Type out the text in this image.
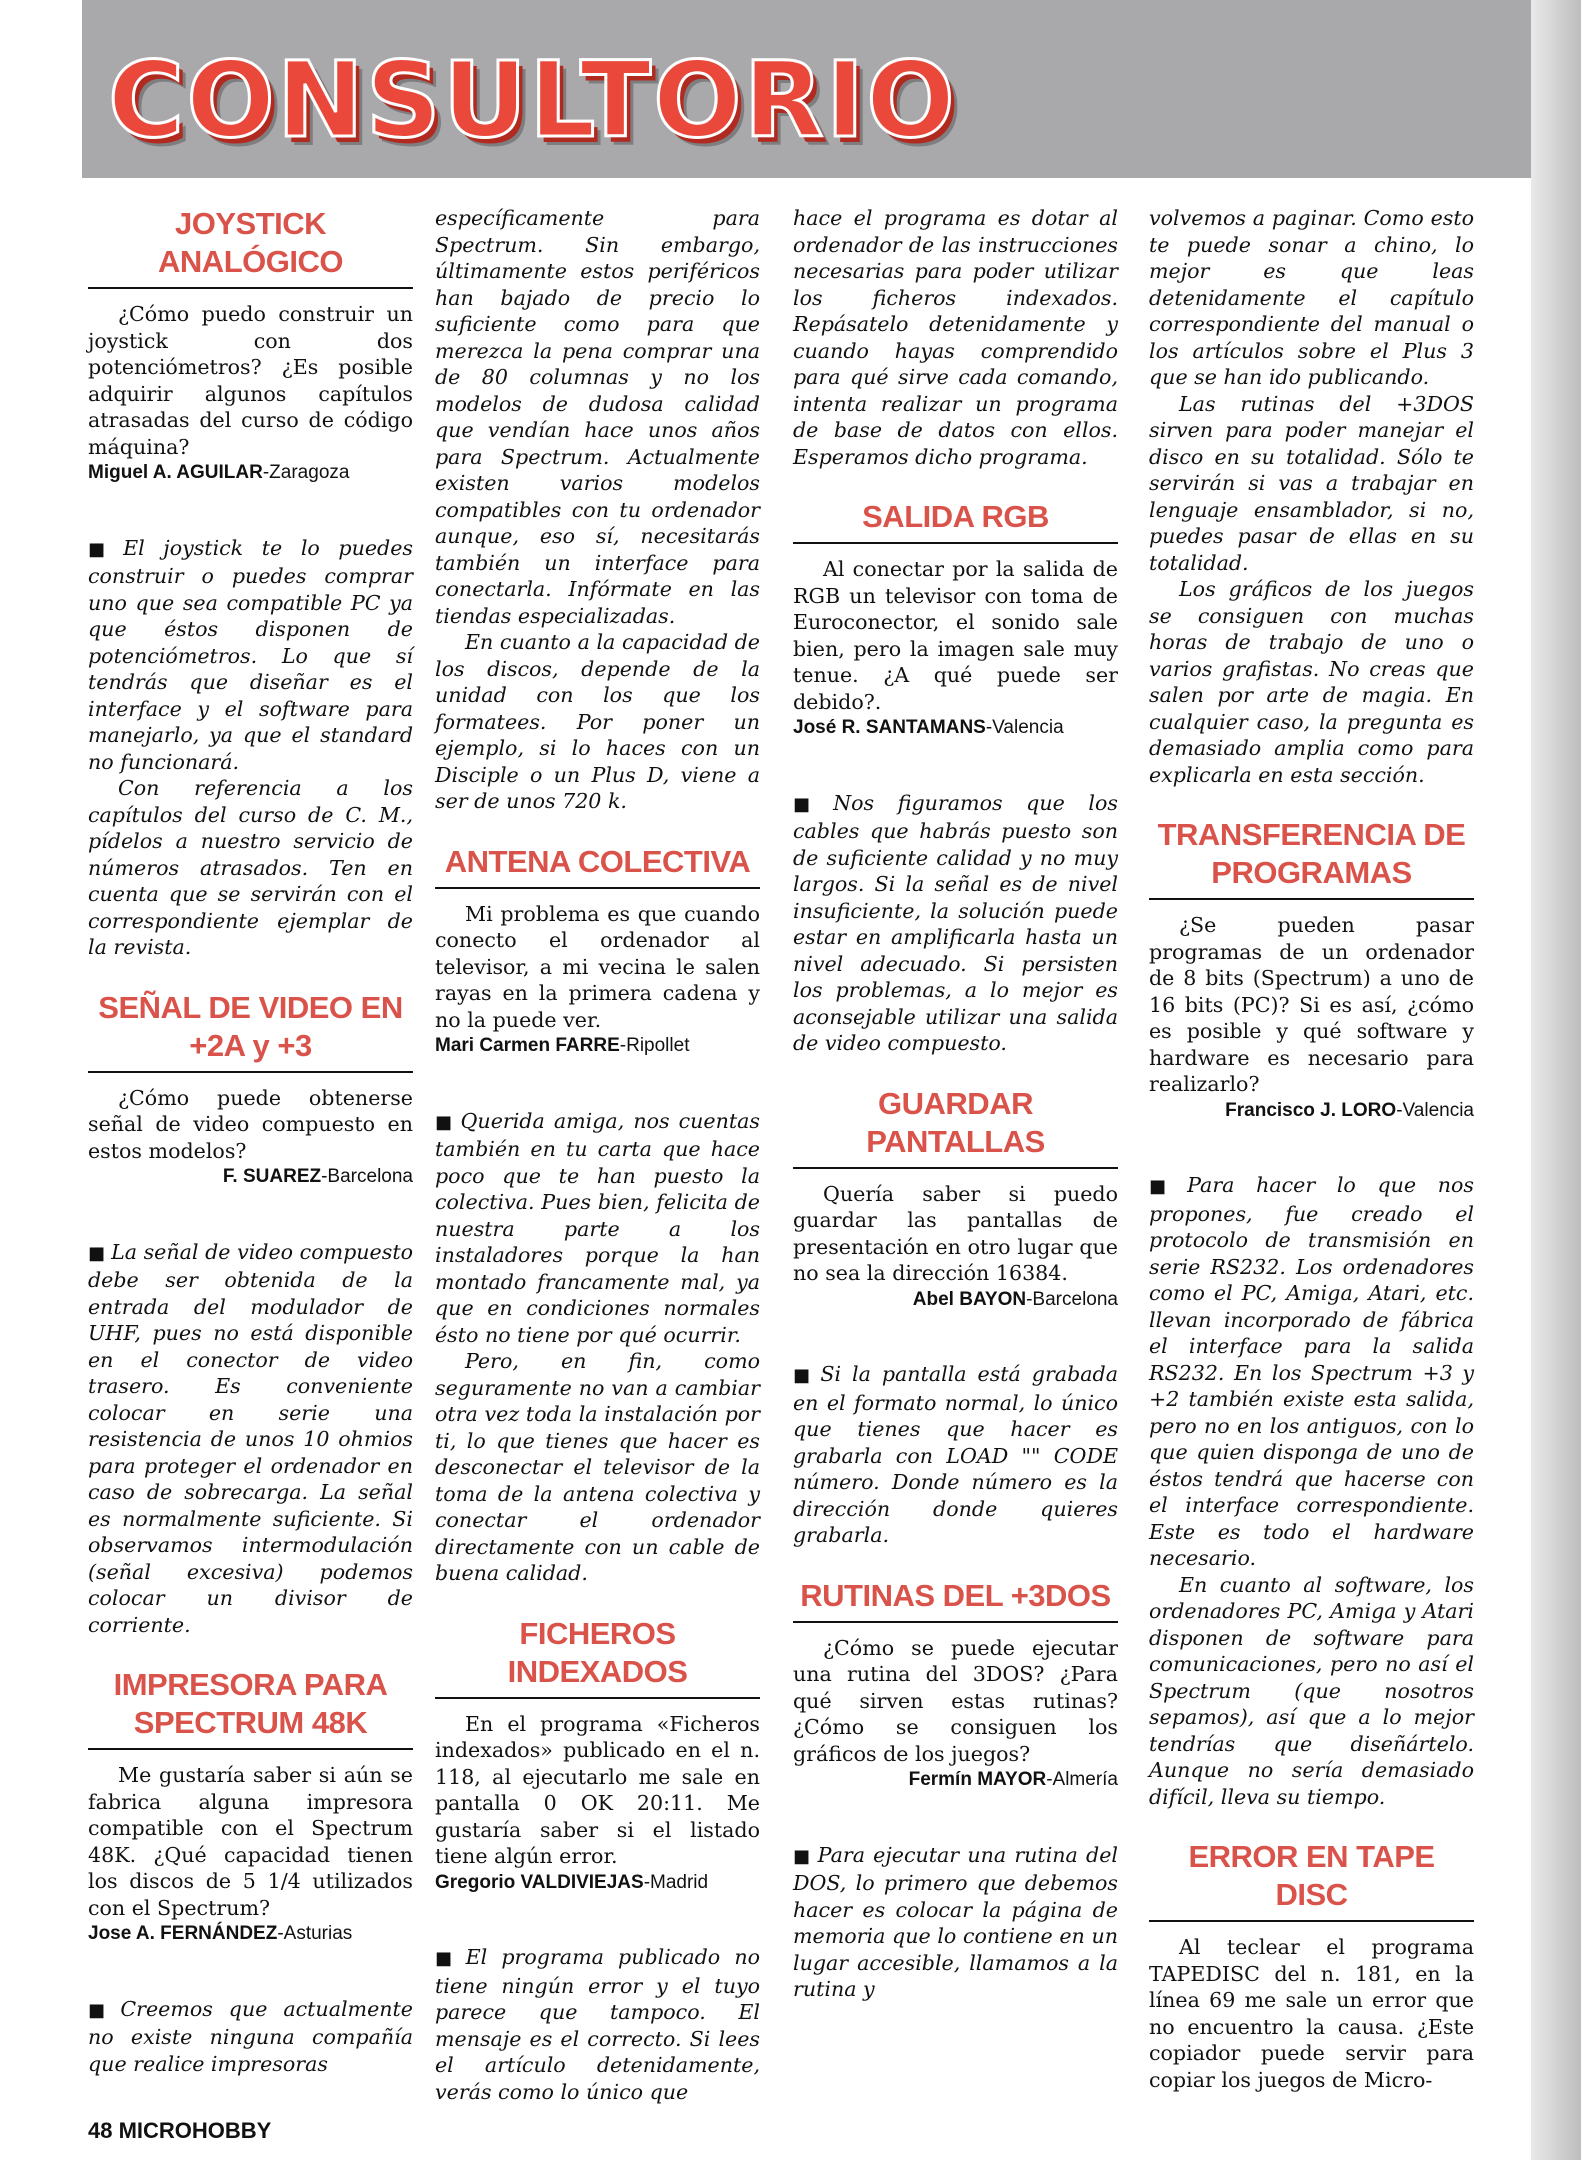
CONSULTORIO
JOYSTICK ANALÓGICO

¿Cómo puedo construir un joystick con dos potenciómetros? ¿Es posible adquirir algunos capítulos atrasadas del curso de código máquina?

Miguel A. AGUILAR-Zaragoza

■ El joystick te lo puedes construir o puedes comprar uno que sea compatible PC ya que éstos disponen de potenciómetros. Lo que sí tendrás que diseñar es el interface y el software para manejarlo, ya que el standard no funcionará.

Con referencia a los capítulos del curso de C. M., pídelos a nuestro servicio de números atrasados. Ten en cuenta que se servirán con el correspondiente ejemplar de la revista.

SEÑAL DE VIDEO EN +2A y +3

¿Cómo puede obtenerse señal de video compuesto en estos modelos?

F. SUAREZ-Barcelona

■ La señal de video compuesto debe ser obtenida de la entrada del modulador de UHF, pues no está disponible en el conector de video trasero. Es conveniente colocar en serie una resistencia de unos 10 ohmios para proteger el ordenador en caso de sobrecarga. La señal es normalmente suficiente. Si observamos intermodulación (señal excesiva) podemos colocar un divisor de corriente.

IMPRESORA PARA SPECTRUM 48K

Me gustaría saber si aún se fabrica alguna impresora compatible con el Spectrum 48K. ¿Qué capacidad tienen los discos de 5 1/4 utilizados con el Spectrum?

Jose A. FERNÁNDEZ-Asturias

■ Creemos que actualmente no existe ninguna compañía que realice impresoras

específicamente para Spectrum. Sin embargo, últimamente estos periféricos han bajado de precio lo suficiente como para que merezca la pena comprar una de 80 columnas y no los modelos de dudosa calidad que vendían hace unos años para Spectrum. Actualmente existen varios modelos compatibles con tu ordenador aunque, eso sí, necesitarás también un interface para conectarla. Infórmate en las tiendas especializadas.

En cuanto a la capacidad de los discos, depende de la unidad con los que los formatees. Por poner un ejemplo, si lo haces con un Disciple o un Plus D, viene a ser de unos 720 k.

ANTENA COLECTIVA

Mi problema es que cuando conecto el ordenador al televisor, a mi vecina le salen rayas en la primera cadena y no la puede ver.

Mari Carmen FARRE-Ripollet

■ Querida amiga, nos cuentas también en tu carta que hace poco que te han puesto la colectiva. Pues bien, felicita de nuestra parte a los instaladores porque la han montado francamente mal, ya que en condiciones normales ésto no tiene por qué ocurrir.

Pero, en fin, como seguramente no van a cambiar otra vez toda la instalación por ti, lo que tienes que hacer es desconectar el televisor de la toma de la antena colectiva y conectar el ordenador directamente con un cable de buena calidad.

FICHEROS INDEXADOS

En el programa «Ficheros indexados» publicado en el n. 118, al ejecutarlo me sale en pantalla 0 OK 20:11. Me gustaría saber si el listado tiene algún error.

Gregorio VALDIVIEJAS-Madrid

■ El programa publicado no tiene ningún error y el tuyo parece que tampoco. El mensaje es el correcto. Si lees el artículo detenidamente, verás como lo único que

hace el programa es dotar al ordenador de las instrucciones necesarias para poder utilizar los ficheros indexados. Repásatelo detenidamente y cuando hayas comprendido para qué sirve cada comando, intenta realizar un programa de base de datos con ellos. Esperamos dicho programa.

SALIDA RGB

Al conectar por la salida de RGB un televisor con toma de Euroconector, el sonido sale bien, pero la imagen sale muy tenue. ¿A qué puede ser debido?.

José R. SANTAMANS-Valencia

■ Nos figuramos que los cables que habrás puesto son de suficiente calidad y no muy largos. Si la señal es de nivel insuficiente, la solución puede estar en amplificarla hasta un nivel adecuado. Si persisten los problemas, a lo mejor es aconsejable utilizar una salida de video compuesto.

GUARDAR PANTALLAS

Quería saber si puedo guardar las pantallas de presentación en otro lugar que no sea la dirección 16384.

Abel BAYON-Barcelona

■ Si la pantalla está grabada en el formato normal, lo único que tienes que hacer es grabarla con LOAD "" CODE número. Donde número es la dirección donde quieres grabarla.

RUTINAS DEL +3DOS

¿Cómo se puede ejecutar una rutina del 3DOS? ¿Para qué sirven estas rutinas? ¿Cómo se consiguen los gráficos de los juegos?

Fermín MAYOR-Almería

■ Para ejecutar una rutina del DOS, lo primero que debemos hacer es colocar la página de memoria que lo contiene en un lugar accesible, llamamos a la rutina y

volvemos a paginar. Como esto te puede sonar a chino, lo mejor es que leas detenidamente el capítulo correspondiente del manual o los artículos sobre el Plus 3 que se han ido publicando.

Las rutinas del +3DOS sirven para poder manejar el disco en su totalidad. Sólo te servirán si vas a trabajar en lenguaje ensamblador, si no, puedes pasar de ellas en su totalidad.

Los gráficos de los juegos se consiguen con muchas horas de trabajo de uno o varios grafistas. No creas que salen por arte de magia. En cualquier caso, la pregunta es demasiado amplia como para explicarla en esta sección.

TRANSFERENCIA DE PROGRAMAS

¿Se pueden pasar programas de un ordenador de 8 bits (Spectrum) a uno de 16 bits (PC)? Si es así, ¿cómo es posible y qué software y hardware es necesario para realizarlo?

Francisco J. LORO-Valencia

■ Para hacer lo que nos propones, fue creado el protocolo de transmisión en serie RS232. Los ordenadores como el PC, Amiga, Atari, etc. llevan incorporado de fábrica el interface para la salida RS232. En los Spectrum +3 y +2 también existe esta salida, pero no en los antiguos, con lo que quien disponga de uno de éstos tendrá que hacerse con el interface correspondiente. Este es todo el hardware necesario.

En cuanto al software, los ordenadores PC, Amiga y Atari disponen de software para comunicaciones, pero no así el Spectrum (que nosotros sepamos), así que a lo mejor tendrías que diseñártelo. Aunque no sería demasiado difícil, lleva su tiempo.

ERROR EN TAPE DISC

Al teclear el programa TAPEDISC del n. 181, en la línea 69 me sale un error que no encuentro la causa. ¿Este copiador puede servir para copiar los juegos de Micro-

48 MICROHOBBY
